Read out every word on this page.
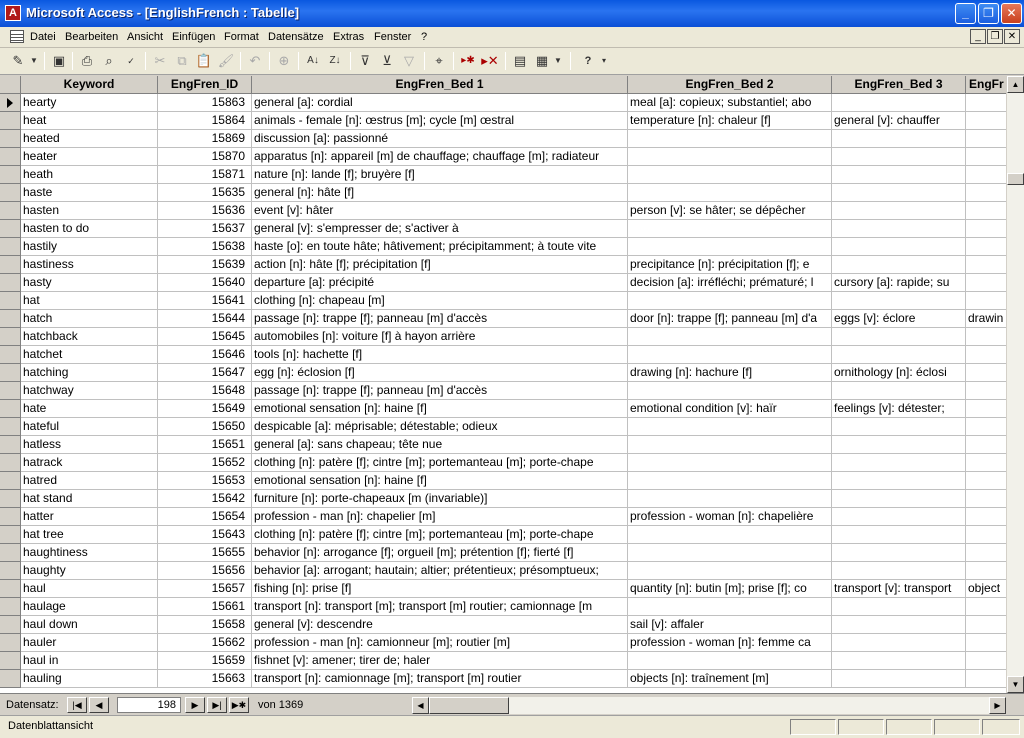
A Microsoft Access - [EnglishFrench : Tabelle]	_	❐	✕
Datei Bearbeiten Ansicht Einfügen Format Datensätze Extras Fenster ?	_ ❐ ✕
✎ ▼ ▣	⎙	⌕	✓	✂ ⧉ 📋 🖌	↶	⊕	A↓	Z↓	⊽ ⊻ ▽	⌖	▸✱ ▸✕ ▤ ▦ ▼	?	▾
Keyword	EngFren_ID	EngFren_Bed 1	EngFren_Bed 2	EngFren_Bed 3	EngFr
hearty	15863 general [a]: cordial	meal [a]: copieux; substantiel; abo
heat	15864 animals - female [n]: œstrus [m]; cycle [m] œstral	temperature [n]: chaleur [f]	general [v]: chauffer
heated	15869 discussion [a]: passionné
heater	15870 apparatus [n]: appareil [m] de chauffage; chauffage [m]; radiateur
heath	15871 nature [n]: lande [f]; bruyère [f]
haste	15635 general [n]: hâte [f]
hasten	15636 event [v]: hâter	person [v]: se hâter; se dépêcher
hasten to do	15637 general [v]: s'empresser de; s'activer à
hastily	15638 haste [o]: en toute hâte; hâtivement; précipitamment; à toute vite
hastiness	15639 action [n]: hâte [f]; précipitation [f]	precipitance [n]: précipitation [f]; e
hasty	15640 departure [a]: précipité	decision [a]: irréfléchi; prématuré; l	cursory [a]: rapide; su
hat	15641 clothing [n]: chapeau [m]
hatch	15644 passage [n]: trappe [f]; panneau [m] d'accès	door [n]: trappe [f]; panneau [m] d'a	eggs [v]: éclore	drawin
hatchback	15645 automobiles [n]: voiture [f] à hayon arrière
hatchet	15646 tools [n]: hachette [f]
hatching	15647 egg [n]: éclosion [f]	drawing [n]: hachure [f]	ornithology [n]: éclosi
hatchway	15648 passage [n]: trappe [f]; panneau [m] d'accès
hate	15649 emotional sensation [n]: haine [f]	emotional condition [v]: haïr	feelings [v]: détester;
hateful	15650 despicable [a]: méprisable; détestable; odieux
hatless	15651 general [a]: sans chapeau; tête nue
hatrack	15652 clothing [n]: patère [f]; cintre [m]; portemanteau [m]; porte-chape
hatred	15653 emotional sensation [n]: haine [f]
hat stand	15642 furniture [n]: porte-chapeaux [m (invariable)]
hatter	15654 profession - man [n]: chapelier [m]	profession - woman [n]: chapelière
hat tree	15643 clothing [n]: patère [f]; cintre [m]; portemanteau [m]; porte-chape
haughtiness	15655 behavior [n]: arrogance [f]; orgueil [m]; prétention [f]; fierté [f]
haughty	15656 behavior [a]: arrogant; hautain; altier; prétentieux; présomptueux;
haul	15657 fishing [n]: prise [f]	quantity [n]: butin [m]; prise [f]; co	transport [v]: transport	object
haulage	15661 transport [n]: transport [m]; transport [m] routier; camionnage [m
haul down	15658 general [v]: descendre	sail [v]: affaler
hauler	15662 profession - man [n]: camionneur [m]; routier [m]	profession - woman [n]: femme ca
haul in	15659 fishnet [v]: amener; tirer de; haler
hauling	15663 transport [n]: camionnage [m]; transport [m] routier	objects [n]: traînement [m]
▲
▼
Datensatz:	|◀	◀	198	▶	▶|	▶✱ von 1369	◀	▶
Datenblattansicht
